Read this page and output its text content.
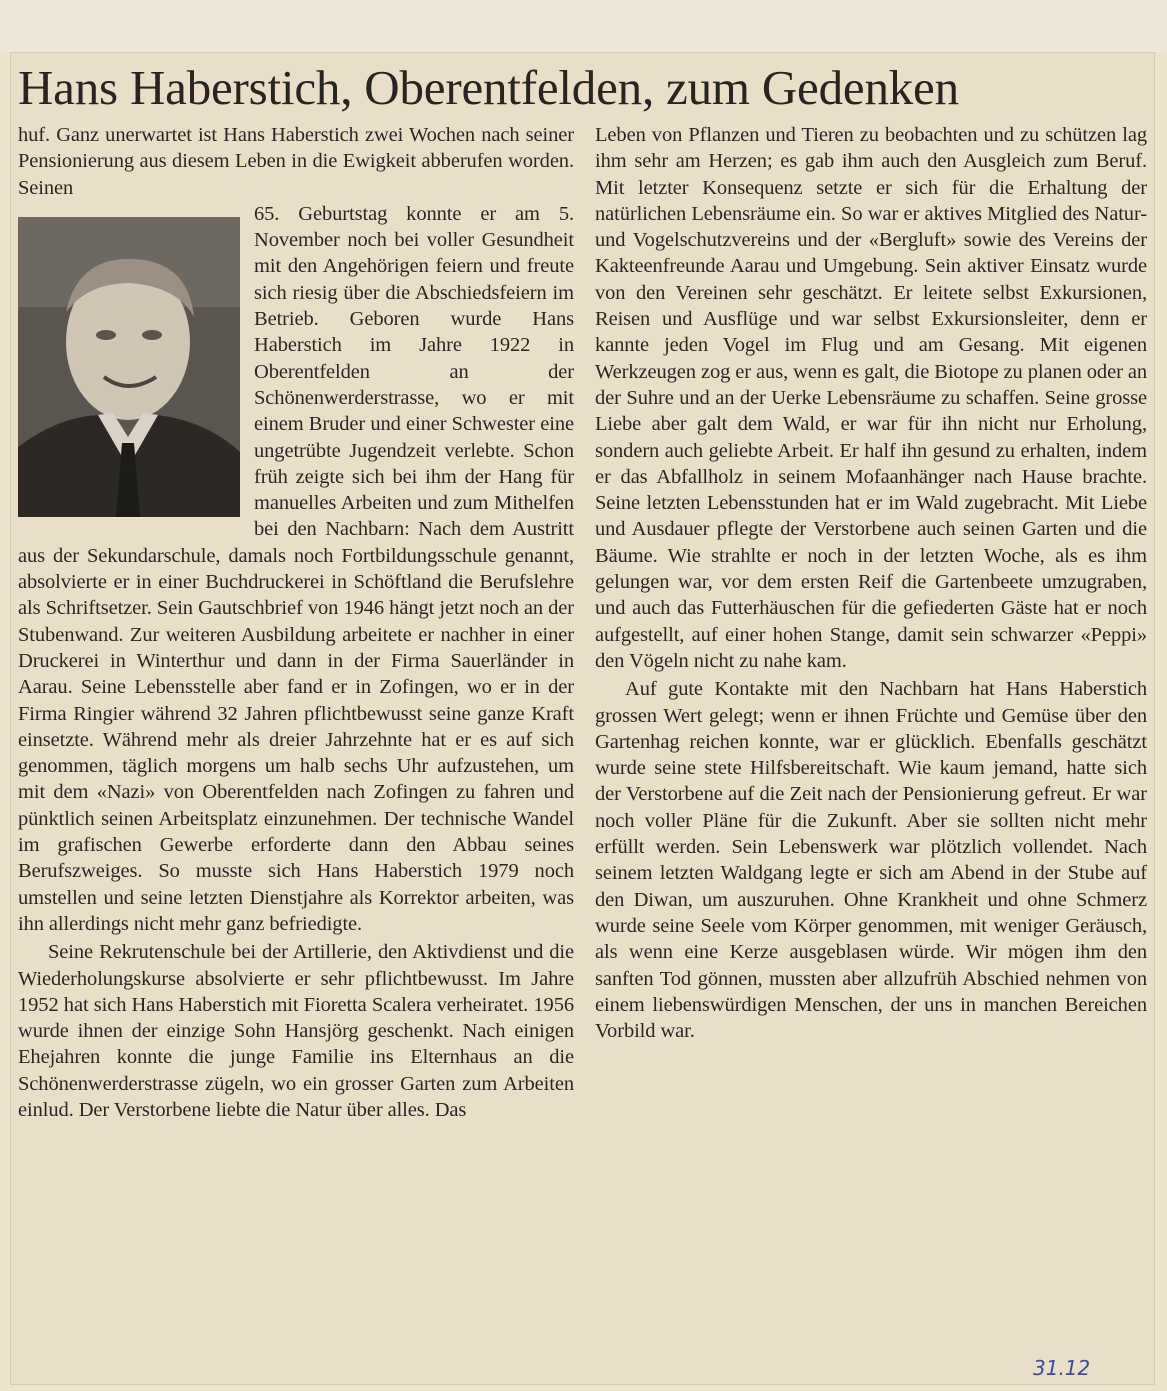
Hans Haberstich, Oberentfelden, zum Gedenken

huf. Ganz unerwartet ist Hans Haberstich zwei Wochen nach seiner Pensionierung aus diesem Leben in die Ewigkeit abberufen worden. Seinen

65. Geburtstag konnte er am 5. November noch bei voller Gesundheit mit den Angehörigen feiern und freute sich riesig über die Abschiedsfeiern im Betrieb. Geboren wurde Hans Haberstich im Jahre 1922 in Oberentfelden an der Schönenwerderstrasse, wo er mit einem Bruder und einer Schwester eine ungetrübte Jugendzeit verlebte. Schon früh zeigte sich bei ihm der Hang für manuelles Arbeiten und zum Mithelfen bei den Nachbarn: Nach dem Austritt aus der Sekundarschule, damals noch Fortbildungsschule genannt, absolvierte er in einer Buchdruckerei in Schöftland die Berufslehre als Schriftsetzer. Sein Gautschbrief von 1946 hängt jetzt noch an der Stubenwand. Zur weiteren Ausbildung arbeitete er nachher in einer Druckerei in Winterthur und dann in der Firma Sauerländer in Aarau. Seine Lebensstelle aber fand er in Zofingen, wo er in der Firma Ringier während 32 Jahren pflichtbewusst seine ganze Kraft einsetzte. Während mehr als dreier Jahrzehnte hat er es auf sich genommen, täglich morgens um halb sechs Uhr aufzustehen, um mit dem «Nazi» von Oberentfelden nach Zofingen zu fahren und pünktlich seinen Arbeitsplatz einzunehmen. Der technische Wandel im grafischen Gewerbe erforderte dann den Abbau seines Berufszweiges. So musste sich Hans Haberstich 1979 noch umstellen und seine letzten Dienstjahre als Korrektor arbeiten, was ihn allerdings nicht mehr ganz befriedigte.

Seine Rekrutenschule bei der Artillerie, den Aktivdienst und die Wiederholungskurse absolvierte er sehr pflichtbewusst. Im Jahre 1952 hat sich Hans Haberstich mit Fioretta Scalera verheiratet. 1956 wurde ihnen der einzige Sohn Hansjörg geschenkt. Nach einigen Ehejahren konnte die junge Familie ins Elternhaus an die Schönenwerderstrasse zügeln, wo ein grosser Garten zum Arbeiten einlud. Der Verstorbene liebte die Natur über alles. Das

Leben von Pflanzen und Tieren zu beobachten und zu schützen lag ihm sehr am Herzen; es gab ihm auch den Ausgleich zum Beruf. Mit letzter Konsequenz setzte er sich für die Erhaltung der natürlichen Lebensräume ein. So war er aktives Mitglied des Natur- und Vogelschutzvereins und der «Bergluft» sowie des Vereins der Kakteenfreunde Aarau und Umgebung. Sein aktiver Einsatz wurde von den Vereinen sehr geschätzt. Er leitete selbst Exkursionen, Reisen und Ausflüge und war selbst Exkursionsleiter, denn er kannte jeden Vogel im Flug und am Gesang. Mit eigenen Werkzeugen zog er aus, wenn es galt, die Biotope zu planen oder an der Suhre und an der Uerke Lebensräume zu schaffen. Seine grosse Liebe aber galt dem Wald, er war für ihn nicht nur Erholung, sondern auch geliebte Arbeit. Er half ihn gesund zu erhalten, indem er das Abfallholz in seinem Mofaanhänger nach Hause brachte. Seine letzten Lebensstunden hat er im Wald zugebracht. Mit Liebe und Ausdauer pflegte der Verstorbene auch seinen Garten und die Bäume. Wie strahlte er noch in der letzten Woche, als es ihm gelungen war, vor dem ersten Reif die Gartenbeete umzugraben, und auch das Futterhäuschen für die gefiederten Gäste hat er noch aufgestellt, auf einer hohen Stange, damit sein schwarzer «Peppi» den Vögeln nicht zu nahe kam.

Auf gute Kontakte mit den Nachbarn hat Hans Haberstich grossen Wert gelegt; wenn er ihnen Früchte und Gemüse über den Gartenhag reichen konnte, war er glücklich. Ebenfalls geschätzt wurde seine stete Hilfsbereitschaft. Wie kaum jemand, hatte sich der Verstorbene auf die Zeit nach der Pensionierung gefreut. Er war noch voller Pläne für die Zukunft. Aber sie sollten nicht mehr erfüllt werden. Sein Lebenswerk war plötzlich vollendet. Nach seinem letzten Waldgang legte er sich am Abend in der Stube auf den Diwan, um auszuruhen. Ohne Krankheit und ohne Schmerz wurde seine Seele vom Körper genommen, mit weniger Geräusch, als wenn eine Kerze ausgeblasen würde. Wir mögen ihm den sanften Tod gönnen, mussten aber allzufrüh Abschied nehmen von einem liebenswürdigen Menschen, der uns in manchen Bereichen Vorbild war.

31.12
